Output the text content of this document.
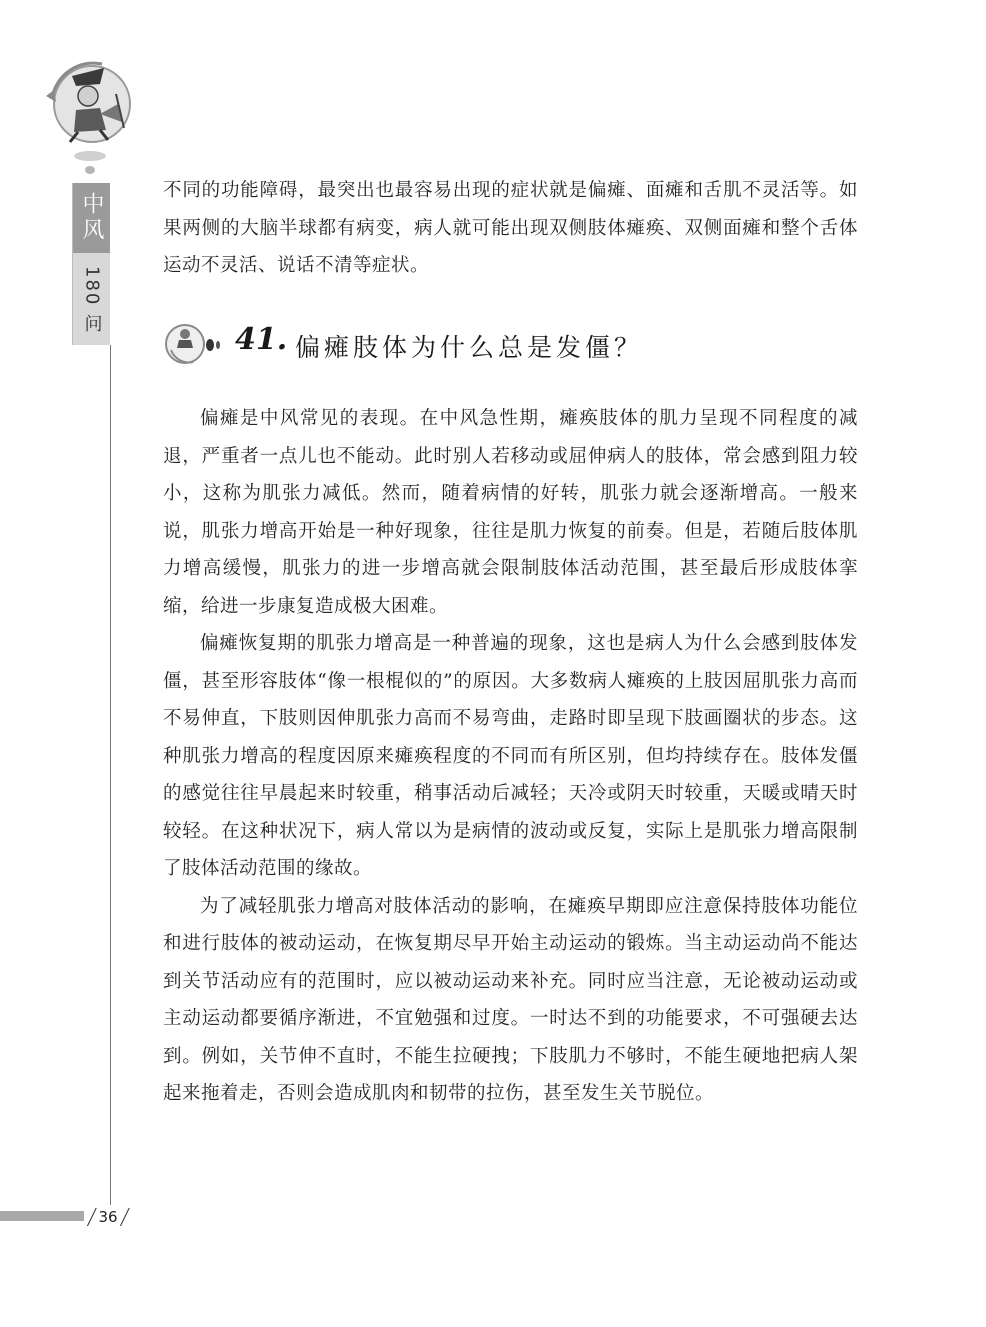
中风
180 问

不同的功能障碍，最突出也最容易出现的症状就是偏瘫、面瘫和舌肌不灵活等。如果两侧的大脑半球都有病变，病人就可能出现双侧肢体瘫痪、双侧面瘫和整个舌体运动不灵活、说话不清等症状。

41. 偏瘫肢体为什么总是发僵？

偏瘫是中风常见的表现。在中风急性期，瘫痪肢体的肌力呈现不同程度的减退，严重者一点儿也不能动。此时别人若移动或屈伸病人的肢体，常会感到阻力较小，这称为肌张力减低。然而，随着病情的好转，肌张力就会逐渐增高。一般来说，肌张力增高开始是一种好现象，往往是肌力恢复的前奏。但是，若随后肢体肌力增高缓慢，肌张力的进一步增高就会限制肢体活动范围，甚至最后形成肢体挛缩，给进一步康复造成极大困难。

偏瘫恢复期的肌张力增高是一种普遍的现象，这也是病人为什么会感到肢体发僵，甚至形容肢体“像一根棍似的”的原因。大多数病人瘫痪的上肢因屈肌张力高而不易伸直，下肢则因伸肌张力高而不易弯曲，走路时即呈现下肢画圈状的步态。这种肌张力增高的程度因原来瘫痪程度的不同而有所区别，但均持续存在。肢体发僵的感觉往往早晨起来时较重，稍事活动后减轻；天冷或阴天时较重，天暖或晴天时较轻。在这种状况下，病人常以为是病情的波动或反复，实际上是肌张力增高限制了肢体活动范围的缘故。

为了减轻肌张力增高对肢体活动的影响，在瘫痪早期即应注意保持肢体功能位和进行肢体的被动运动，在恢复期尽早开始主动运动的锻炼。当主动运动尚不能达到关节活动应有的范围时，应以被动运动来补充。同时应当注意，无论被动运动或主动运动都要循序渐进，不宜勉强和过度。一时达不到的功能要求，不可强硬去达到。例如，关节伸不直时，不能生拉硬拽；下肢肌力不够时，不能生硬地把病人架起来拖着走，否则会造成肌肉和韧带的拉伤，甚至发生关节脱位。

/ 36 /
